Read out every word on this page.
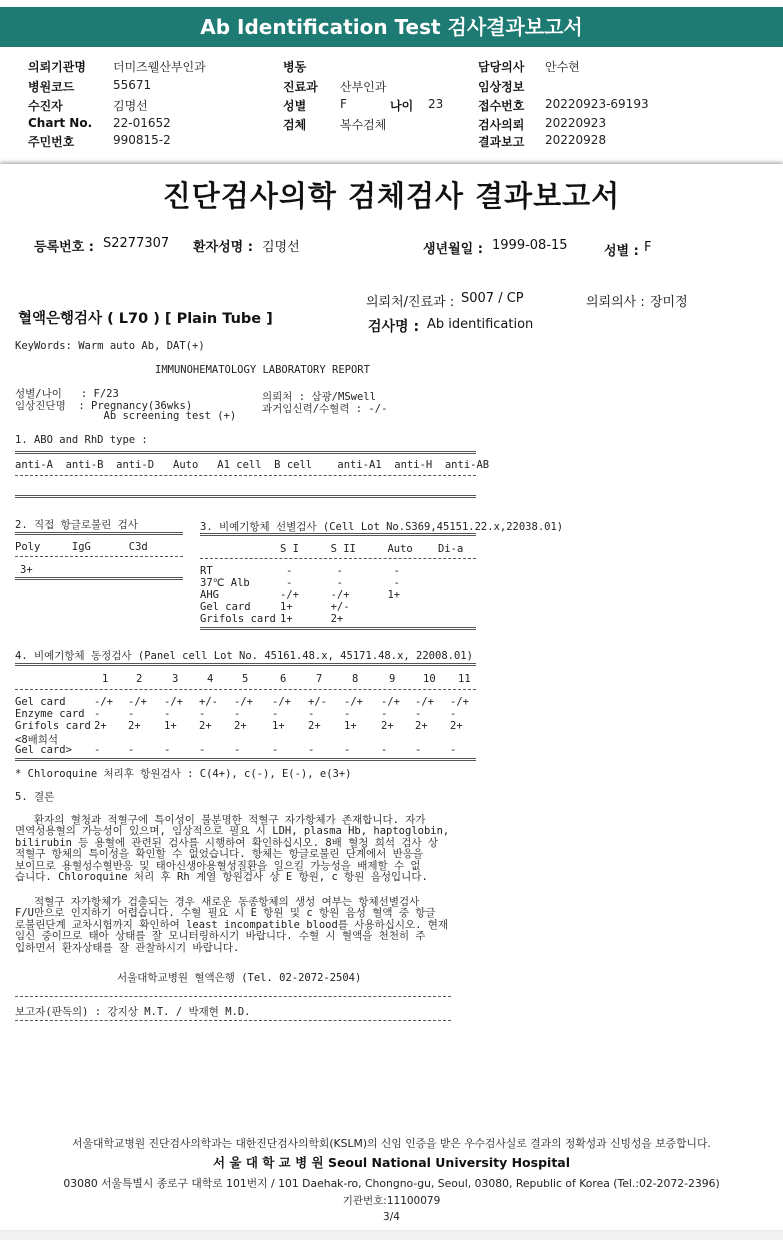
Ab Identification Test 검사결과보고서
의뢰기관명 더미즈웰산부인과
병원코드	55671
수진자	김명선
Chart No. 22-01652
주민번호	990815-2
병동
진료과 산부인과
성별	F	나이 23
검체	복수검체
담당의사 안수현
임상정보
접수번호 20220923-69193
검사의뢰 20220923
결과보고 20220928
진단검사의학 검체검사 결과보고서
등록번호 : S2277307 환자성명 : 김명선	생년월일 : 1999-08-15	성별 : F
의뢰처/진료과 : S007 / CP	의뢰의사 : 장미정
혈액은행검사 ( L70 ) [ Plain Tube ]	검사명 : Ab identification
KeyWords: Warm auto Ab, DAT(+)
IMMUNOHEMATOLOGY LABORATORY REPORT
성별/나이   : F/23
임상진단명  : Pregnancy(36wks)
Ab screening test (+)
의뢰처 : 삼광/MSwell
과거임신력/수혈력 : -/-
1. ABO and RhD type :
anti-A  anti-B  anti-D   Auto   A1 cell  B cell    anti-A1  anti-H  anti-AB
2. 직접 항글로불린 검사
Poly     IgG      C3d
3+
3. 비예기항체 선별검사 (Cell Lot No.S369,45151.22.x,22038.01)
S I     S II     Auto    Di-a
RT	-       -        -
37℃ Alb	-       -        -
AHG	-/+     -/+      1+
Gel card	1+      +/-
Grifols card 1+      2+
4. 비예기항체 동정검사 (Panel cell Lot No. 45161.48.x, 45171.48.x, 22008.01)
1	2	3	4	5	6	7	8	9	10 11
Gel card	-/+ -/+ -/+ +/- -/+ -/+ +/- -/+ -/+ -/+ -/+
Enzyme card -	-	-	-	-	-	-	-	-	-	-
Grifols card 2+ 2+ 1+ 2+ 2+ 1+ 2+ 1+ 2+ 2+ 2+
<8배희석
Gel card> -	-	-	-	-	-	-	-	-	-	-
* Chloroquine 처리후 항원검사 : C(4+), c(-), E(-), e(3+)
5. 결론
환자의 혈청과 적혈구에 특이성이 불분명한 적혈구 자가항체가 존재합니다. 자가
면역성용혈의 가능성이 있으며, 임상적으로 필요 시 LDH, plasma Hb, haptoglobin,
bilirubin 등 용혈에 관련된 검사를 시행하여 확인하십시오. 8배 혈청 희석 검사 상
적혈구 항체의 특이성을 확인할 수 없었습니다. 항체는 항글로불린 단계에서 반응을
보이므로 용혈성수혈반응 및 태아신생아용혈성질환을 일으킬 가능성을 배제할 수 없
습니다. Chloroquine 처리 후 Rh 계열 항원검사 상 E 항원, c 항원 음성입니다.
적혈구 자가항체가 검출되는 경우 새로운 동종항체의 생성 여부는 항체선별검사
F/U만으로 인지하기 어렵습니다. 수혈 필요 시 E 항원 및 c 항원 음성 혈액 중 항글
로불린단계 교차시험까지 확인하여 least incompatible blood를 사용하십시오. 현재
임신 중이므로 태아 상태를 잘 모니터링하시기 바랍니다. 수혈 시 혈액을 천천히 주
입하면서 환자상태를 잘 관찰하시기 바랍니다.
서울대학교병원 혈액은행 (Tel. 02-2072-2504)
보고자(판독의) : 강지상 M.T. / 박재현 M.D.
서울대학교병원 진단검사의학과는 대한진단검사의학회(KSLM)의 신임 인증을 받은 우수검사실로 결과의 정확성과 신빙성을 보증합니다.
서 울 대 학 교 병 원 Seoul National University Hospital
03080 서울특별시 종로구 대학로 101번지 / 101 Daehak-ro, Chongno-gu, Seoul, 03080, Republic of Korea (Tel.:02-2072-2396)
기관번호:11100079
3/4
